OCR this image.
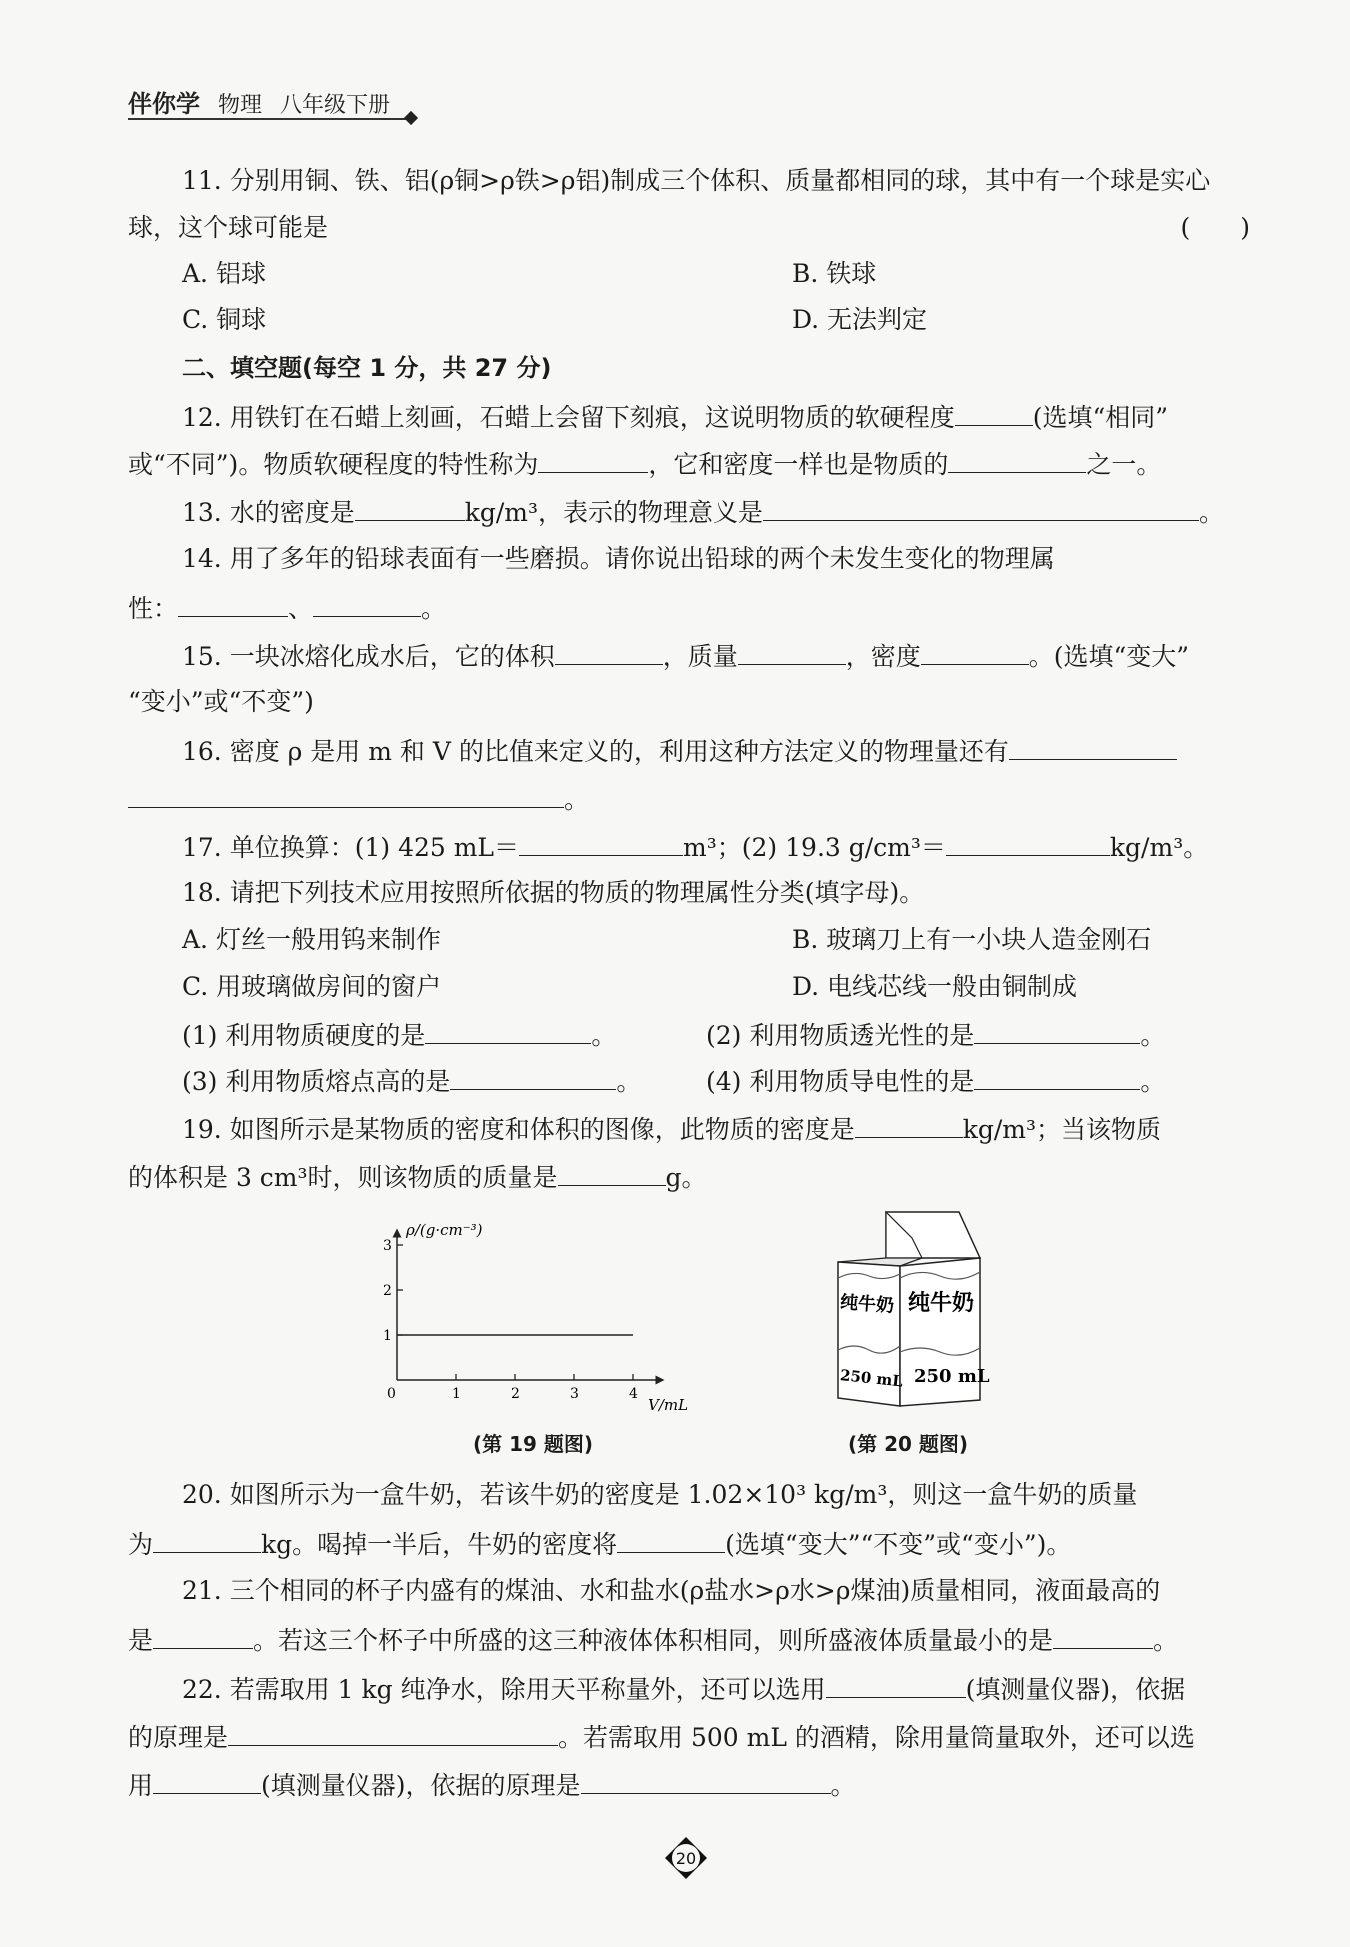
伴你学 物理 八年级下册
11. 分别用铜、铁、铝(ρ铜>ρ铁>ρ铝)制成三个体积、质量都相同的球，其中有一个球是实心
球，这个球可能是	(　　)
A. 铝球	B. 铁球
C. 铜球	D. 无法判定
二、填空题(每空 1 分，共 27 分)
12. 用铁钉在石蜡上刻画，石蜡上会留下刻痕，这说明物质的软硬程度	(选填“相同”
或“不同”)。物质软硬程度的特性称为	，它和密度一样也是物质的	之一。
13. 水的密度是	kg/m³，表示的物理意义是	。
14. 用了多年的铅球表面有一些磨损。请你说出铅球的两个未发生变化的物理属
性：	、	。
15. 一块冰熔化成水后，它的体积	，质量	，密度	。(选填“变大”
“变小”或“不变”)
16. 密度 ρ 是用 m 和 V 的比值来定义的，利用这种方法定义的物理量还有
。
17. 单位换算：(1) 425 mL＝	m³；(2) 19.3 g/cm³＝	kg/m³。
18. 请把下列技术应用按照所依据的物质的物理属性分类(填字母)。
A. 灯丝一般用钨来制作	B. 玻璃刀上有一小块人造金刚石
C. 用玻璃做房间的窗户	D. 电线芯线一般由铜制成
(1) 利用物质硬度的是	。	(2) 利用物质透光性的是	。
(3) 利用物质熔点高的是	。	(4) 利用物质导电性的是	。
19. 如图所示是某物质的密度和体积的图像，此物质的密度是	kg/m³；当该物质
的体积是 3 cm³时，则该物质的质量是	g。
0	1	2	3	4
1
2
3
ρ/(g·cm⁻³)
V/mL
纯牛奶 纯牛奶
250 mL 250 mL
(第 19 题图)	(第 20 题图)
20. 如图所示为一盒牛奶，若该牛奶的密度是 1.02×10³ kg/m³，则这一盒牛奶的质量
为	kg。喝掉一半后，牛奶的密度将	(选填“变大”“不变”或“变小”)。
21. 三个相同的杯子内盛有的煤油、水和盐水(ρ盐水>ρ水>ρ煤油)质量相同，液面最高的
是	。若这三个杯子中所盛的这三种液体体积相同，则所盛液体质量最小的是	。
22. 若需取用 1 kg 纯净水，除用天平称量外，还可以选用	(填测量仪器)，依据
的原理是	。若需取用 500 mL 的酒精，除用量筒量取外，还可以选
用	(填测量仪器)，依据的原理是	。
20
